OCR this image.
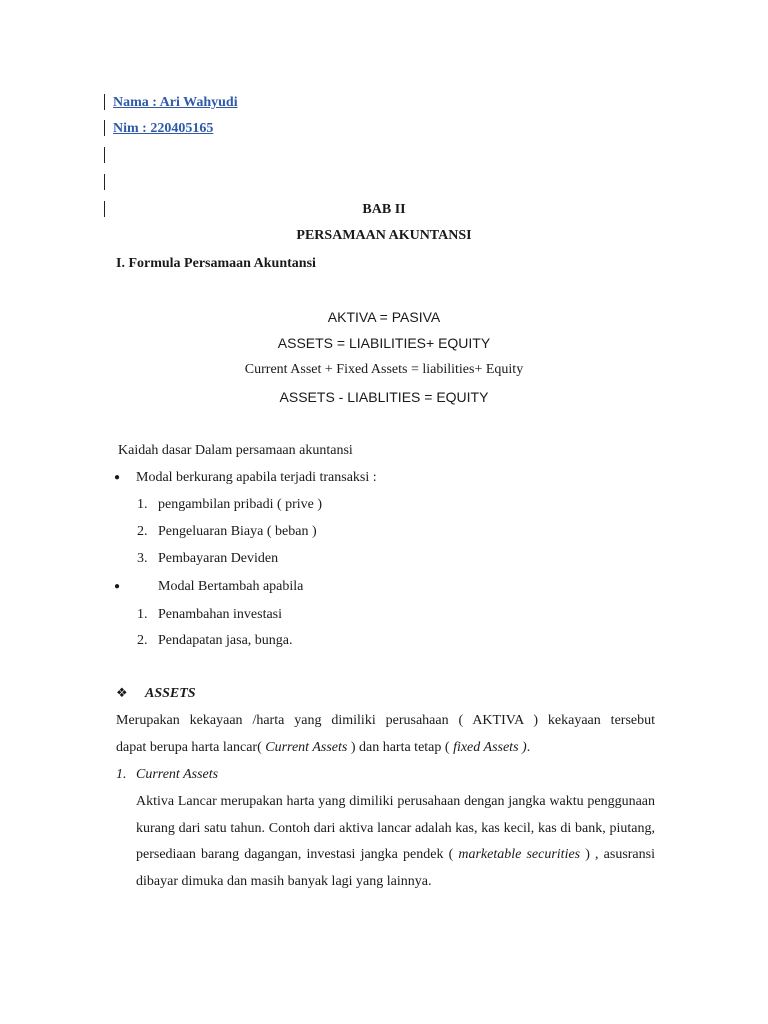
Nama : Ari Wahyudi
Nim : 220405165
BAB II
PERSAMAAN AKUNTANSI
I. Formula Persamaan Akuntansi
AKTIVA = PASIVA
ASSETS = LIABILITIES+ EQUITY
Current Asset + Fixed Assets = liabilities+ Equity
ASSETS - LIABLITIES = EQUITY
Kaidah dasar Dalam persamaan akuntansi
● Modal berkurang apabila terjadi transaksi :
1. pengambilan pribadi ( prive )
2. Pengeluaran Biaya ( beban )
3. Pembayaran Deviden
●	Modal Bertambah apabila
1. Penambahan investasi
2. Pendapatan jasa, bunga.
❖ ASSETS
Merupakan kekayaan /harta yang dimiliki perusahaan ( AKTIVA ) kekayaan tersebut
dapat berupa harta lancar( Current Assets ) dan harta tetap ( fixed Assets ).
1. Current Assets
Aktiva Lancar merupakan harta yang dimiliki perusahaan dengan jangka waktu penggunaan kurang dari satu tahun. Contoh dari aktiva lancar adalah kas, kas kecil, kas di bank, piutang, persediaan barang dagangan, investasi jangka pendek ( marketable securities ) , asusransi dibayar dimuka dan masih banyak lagi yang lainnya.
